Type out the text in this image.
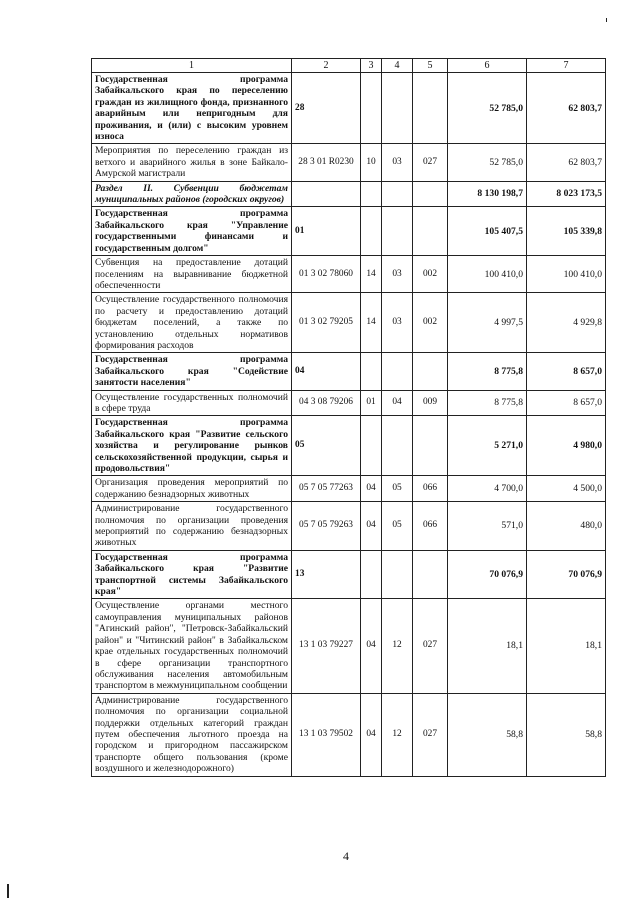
1	2	3	4	5	6	7
Государственная программа Забайкальского края по переселению граждан из жилищного фонда, признанного аварийным или непригодным для проживания, и (или) с высоким уровнем износа	28				52 785,0	62 803,7
Мероприятия по переселению граждан из ветхого и аварийного жилья в зоне Байкало-Амурской магистрали	28 3 01 R0230	10	03	027	52 785,0	62 803,7
Раздел II. Субвенции бюджетам муниципальных районов (городских округов)					8 130 198,7	8 023 173,5
Государственная программа Забайкальского края "Управление государственными финансами и государственным долгом"	01				105 407,5	105 339,8
Субвенция на предоставление дотаций поселениям на выравнивание бюджетной обеспеченности	01 3 02 78060	14	03	002	100 410,0	100 410,0
Осуществление государственного полномочия по расчету и предоставлению дотаций бюджетам поселений, а также по установлению отдельных нормативов формирования расходов	01 3 02 79205	14	03	002	4 997,5	4 929,8
Государственная программа Забайкальского края "Содействие занятости населения"	04				8 775,8	8 657,0
Осуществление государственных полномочий в сфере труда	04 3 08 79206	01	04	009	8 775,8	8 657,0
Государственная программа Забайкальского края "Развитие сельского хозяйства и регулирование рынков сельскохозяйственной продукции, сырья и продовольствия"	05				5 271,0	4 980,0
Организация проведения мероприятий по содержанию безнадзорных животных	05 7 05 77263	04	05	066	4 700,0	4 500,0
Администрирование государственного полномочия по организации проведения мероприятий по содержанию безнадзорных животных	05 7 05 79263	04	05	066	571,0	480,0
Государственная программа Забайкальского края "Развитие транспортной системы Забайкальского края"	13				70 076,9	70 076,9
Осуществление органами местного самоуправления муниципальных районов "Агинский район", "Петровск-Забайкальский район" и "Читинский район" в Забайкальском крае отдельных государственных полномочий в сфере организации транспортного обслуживания населения автомобильным транспортом в межмуниципальном сообщении	13 1 03 79227	04	12	027	18,1	18,1
Администрирование государственного полномочия по организации социальной поддержки отдельных категорий граждан путем обеспечения льготного проезда на городском и пригородном пассажирском транспорте общего пользования (кроме воздушного и железнодорожного)	13 1 03 79502	04	12	027	58,8	58,8
4
